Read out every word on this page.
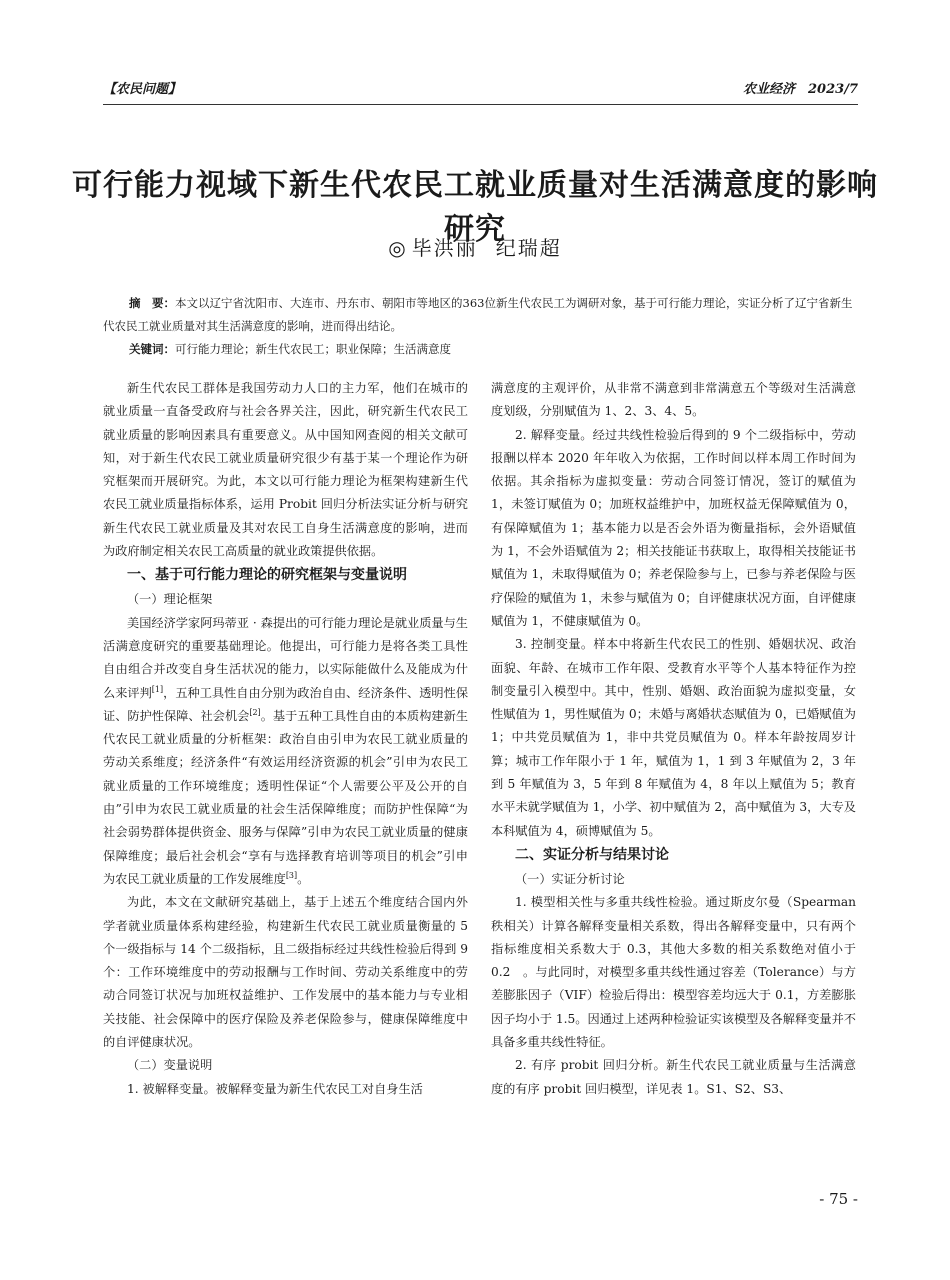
【农民问题】	农业经济　2023/7
可行能力视域下新生代农民工就业质量对生活满意度的影响研究
◎ 毕洪丽 纪瑞超

摘　要：本文以辽宁省沈阳市、大连市、丹东市、朝阳市等地区的363位新生代农民工为调研对象，基于可行能力理论，实证分析了辽宁省新生代农民工就业质量对其生活满意度的影响，进而得出结论。

关键词：可行能力理论；新生代农民工；职业保障；生活满意度

新生代农民工群体是我国劳动力人口的主力军，他们在城市的就业质量一直备受政府与社会各界关注，因此，研究新生代农民工就业质量的影响因素具有重要意义。从中国知网查阅的相关文献可知，对于新生代农民工就业质量研究很少有基于某一个理论作为研究框架而开展研究。为此，本文以可行能力理论为框架构建新生代农民工就业质量指标体系，运用 Probit 回归分析法实证分析与研究新生代农民工就业质量及其对农民工自身生活满意度的影响，进而为政府制定相关农民工高质量的就业政策提供依据。

一、基于可行能力理论的研究框架与变量说明
（一）理论框架

美国经济学家阿玛蒂亚 · 森提出的可行能力理论是就业质量与生活满意度研究的重要基础理论。他提出，可行能力是将各类工具性自由组合并改变自身生活状况的能力，以实际能做什么及能成为什么来评判[1]，五种工具性自由分别为政治自由、经济条件、透明性保证、防护性保障、社会机会[2]。基于五种工具性自由的本质构建新生代农民工就业质量的分析框架：政治自由引申为农民工就业质量的劳动关系维度；经济条件“有效运用经济资源的机会”引申为农民工就业质量的工作环境维度；透明性保证“个人需要公平及公开的自由”引申为农民工就业质量的社会生活保障维度；而防护性保障“为社会弱势群体提供资金、服务与保障”引申为农民工就业质量的健康保障维度；最后社会机会“享有与选择教育培训等项目的机会”引申为农民工就业质量的工作发展维度[3]。

为此，本文在文献研究基础上，基于上述五个维度结合国内外学者就业质量体系构建经验，构建新生代农民工就业质量衡量的 5 个一级指标与 14 个二级指标，且二级指标经过共线性检验后得到 9 个：工作环境维度中的劳动报酬与工作时间、劳动关系维度中的劳动合同签订状况与加班权益维护、工作发展中的基本能力与专业相关技能、社会保障中的医疗保险及养老保险参与，健康保障维度中的自评健康状况。

（二）变量说明

1. 被解释变量。被解释变量为新生代农民工对自身生活

满意度的主观评价，从非常不满意到非常满意五个等级对生活满意度划级，分别赋值为 1、2、3、4、5。

2. 解释变量。经过共线性检验后得到的 9 个二级指标中，劳动报酬以样本 2020 年年收入为依据，工作时间以样本周工作时间为依据。其余指标为虚拟变量：劳动合同签订情况，签订的赋值为 1，未签订赋值为 0；加班权益维护中，加班权益无保障赋值为 0，有保障赋值为 1；基本能力以是否会外语为衡量指标，会外语赋值为 1，不会外语赋值为 2；相关技能证书获取上，取得相关技能证书赋值为 1，未取得赋值为 0；养老保险参与上，已参与养老保险与医疗保险的赋值为 1，未参与赋值为 0；自评健康状况方面，自评健康赋值为 1，不健康赋值为 0。

3. 控制变量。样本中将新生代农民工的性别、婚姻状况、政治面貌、年龄、在城市工作年限、受教育水平等个人基本特征作为控制变量引入模型中。其中，性别、婚姻、政治面貌为虚拟变量，女性赋值为 1，男性赋值为 0；未婚与离婚状态赋值为 0，已婚赋值为 1；中共党员赋值为 1，非中共党员赋值为 0。样本年龄按周岁计算；城市工作年限小于 1 年，赋值为 1，1 到 3 年赋值为 2，3 年到 5 年赋值为 3，5 年到 8 年赋值为 4，8 年以上赋值为 5；教育水平未就学赋值为 1，小学、初中赋值为 2，高中赋值为 3，大专及本科赋值为 4，硕博赋值为 5。

二、实证分析与结果讨论
（一）实证分析讨论

1. 模型相关性与多重共线性检验。通过斯皮尔曼（Spearman 秩相关）计算各解释变量相关系数，得出各解释变量中，只有两个指标维度相关系数大于 0.3，其他大多数的相关系数绝对值小于 0.2　。与此同时，对模型多重共线性通过容差（Tolerance）与方差膨胀因子（VIF）检验后得出：模型容差均远大于 0.1，方差膨胀因子均小于 1.5。因通过上述两种检验证实该模型及各解释变量并不具备多重共线性特征。

2. 有序 probit 回归分析。新生代农民工就业质量与生活满意度的有序 probit 回归模型，详见表 1。S1、S2、S3、

- 75 -
